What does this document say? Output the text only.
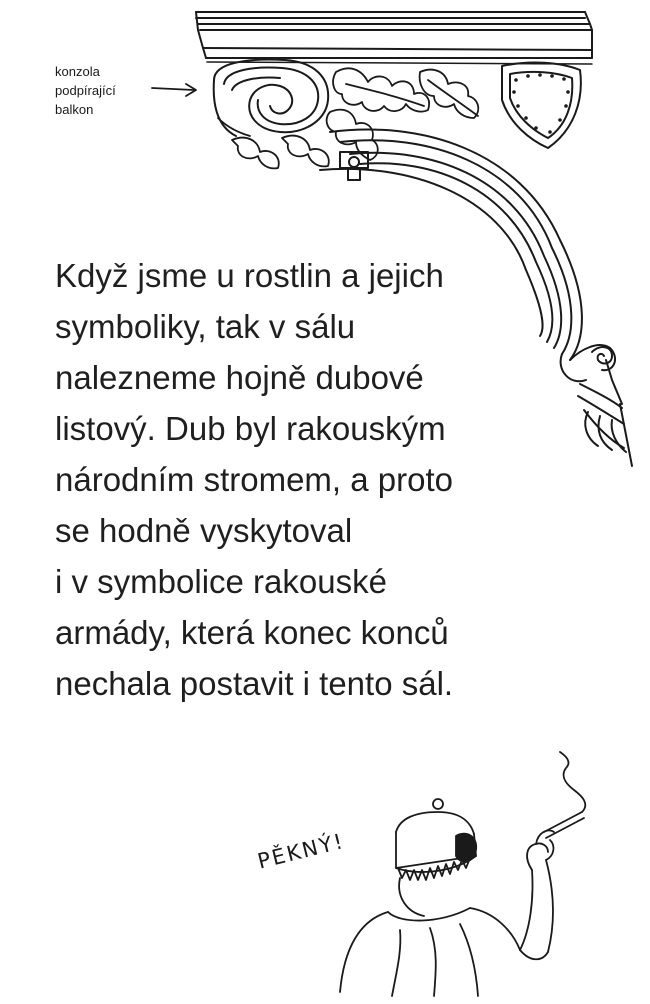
konzola
podpírající
balkon
Když jsme u rostlin a jejich
symboliky, tak v sálu
nalezneme hojně dubové
listový. Dub byl rakouským
národním stromem, a proto
se hodně vyskytoval
i v symbolice rakouské
armády, která konec konců
nechala postavit i tento sál.
PĚKNÝ!
